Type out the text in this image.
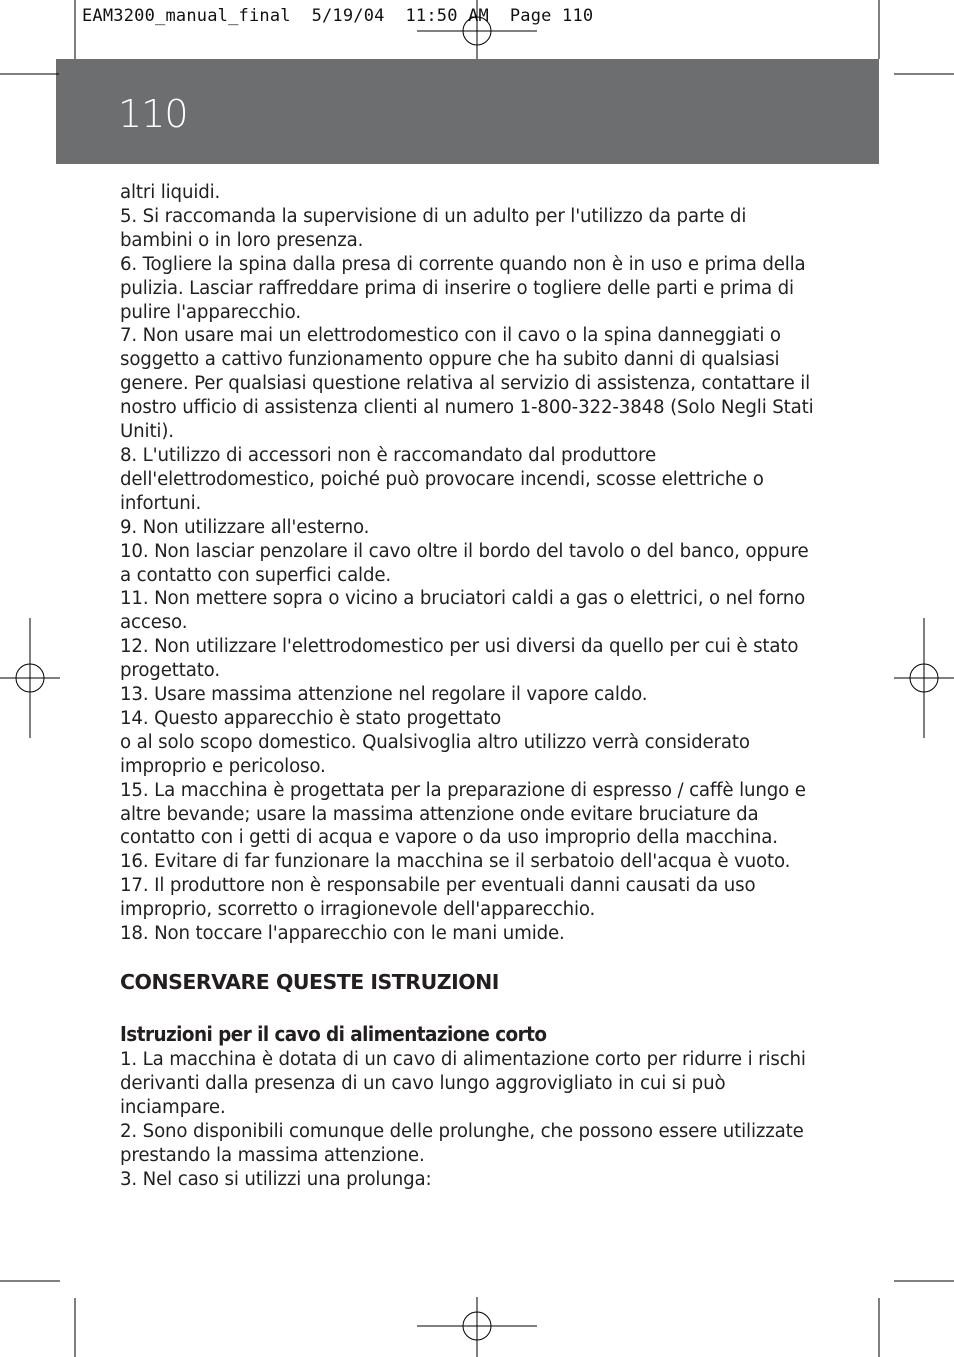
EAM3200_manual_final  5/19/04  11:50 AM  Page 110
110

altri liquidi.

5. Si raccomanda la supervisione di un adulto per l'utilizzo da parte di bambini o in loro presenza.

6. Togliere la spina dalla presa di corrente quando non è in uso e prima della pulizia. Lasciar raffreddare prima di inserire o togliere delle parti e prima di pulire l'apparecchio.

7. Non usare mai un elettrodomestico con il cavo o la spina danneggiati o soggetto a cattivo funzionamento oppure che ha subito danni di qualsiasi genere. Per qualsiasi questione relativa al servizio di assistenza, contattare il nostro ufficio di assistenza clienti al numero 1-800-322-3848 (Solo Negli Stati Uniti).

8. L'utilizzo di accessori non è raccomandato dal produttore dell'elettrodomestico, poiché può provocare incendi, scosse elettriche o infortuni.

9. Non utilizzare all'esterno.

10. Non lasciar penzolare il cavo oltre il bordo del tavolo o del banco, oppure a contatto con superfici calde.

11. Non mettere sopra o vicino a bruciatori caldi a gas o elettrici, o nel forno acceso.

12. Non utilizzare l'elettrodomestico per usi diversi da quello per cui è stato progettato.

13. Usare massima attenzione nel regolare il vapore caldo.

14. Questo apparecchio è stato progettato

o al solo scopo domestico. Qualsivoglia altro utilizzo verrà considerato improprio e pericoloso.

15. La macchina è progettata per la preparazione di espresso / caffè lungo e altre bevande; usare la massima attenzione onde evitare bruciature da contatto con i getti di acqua e vapore o da uso improprio della macchina.

16. Evitare di far funzionare la macchina se il serbatoio dell'acqua è vuoto.

17. Il produttore non è responsabile per eventuali danni causati da uso improprio, scorretto o irragionevole dell'apparecchio.

18. Non toccare l'apparecchio con le mani umide.

CONSERVARE QUESTE ISTRUZIONI
Istruzioni per il cavo di alimentazione corto

1. La macchina è dotata di un cavo di alimentazione corto per ridurre i rischi derivanti dalla presenza di un cavo lungo aggrovigliato in cui si può inciampare.

2. Sono disponibili comunque delle prolunghe, che possono essere utilizzate prestando la massima attenzione.

3. Nel caso si utilizzi una prolunga:
